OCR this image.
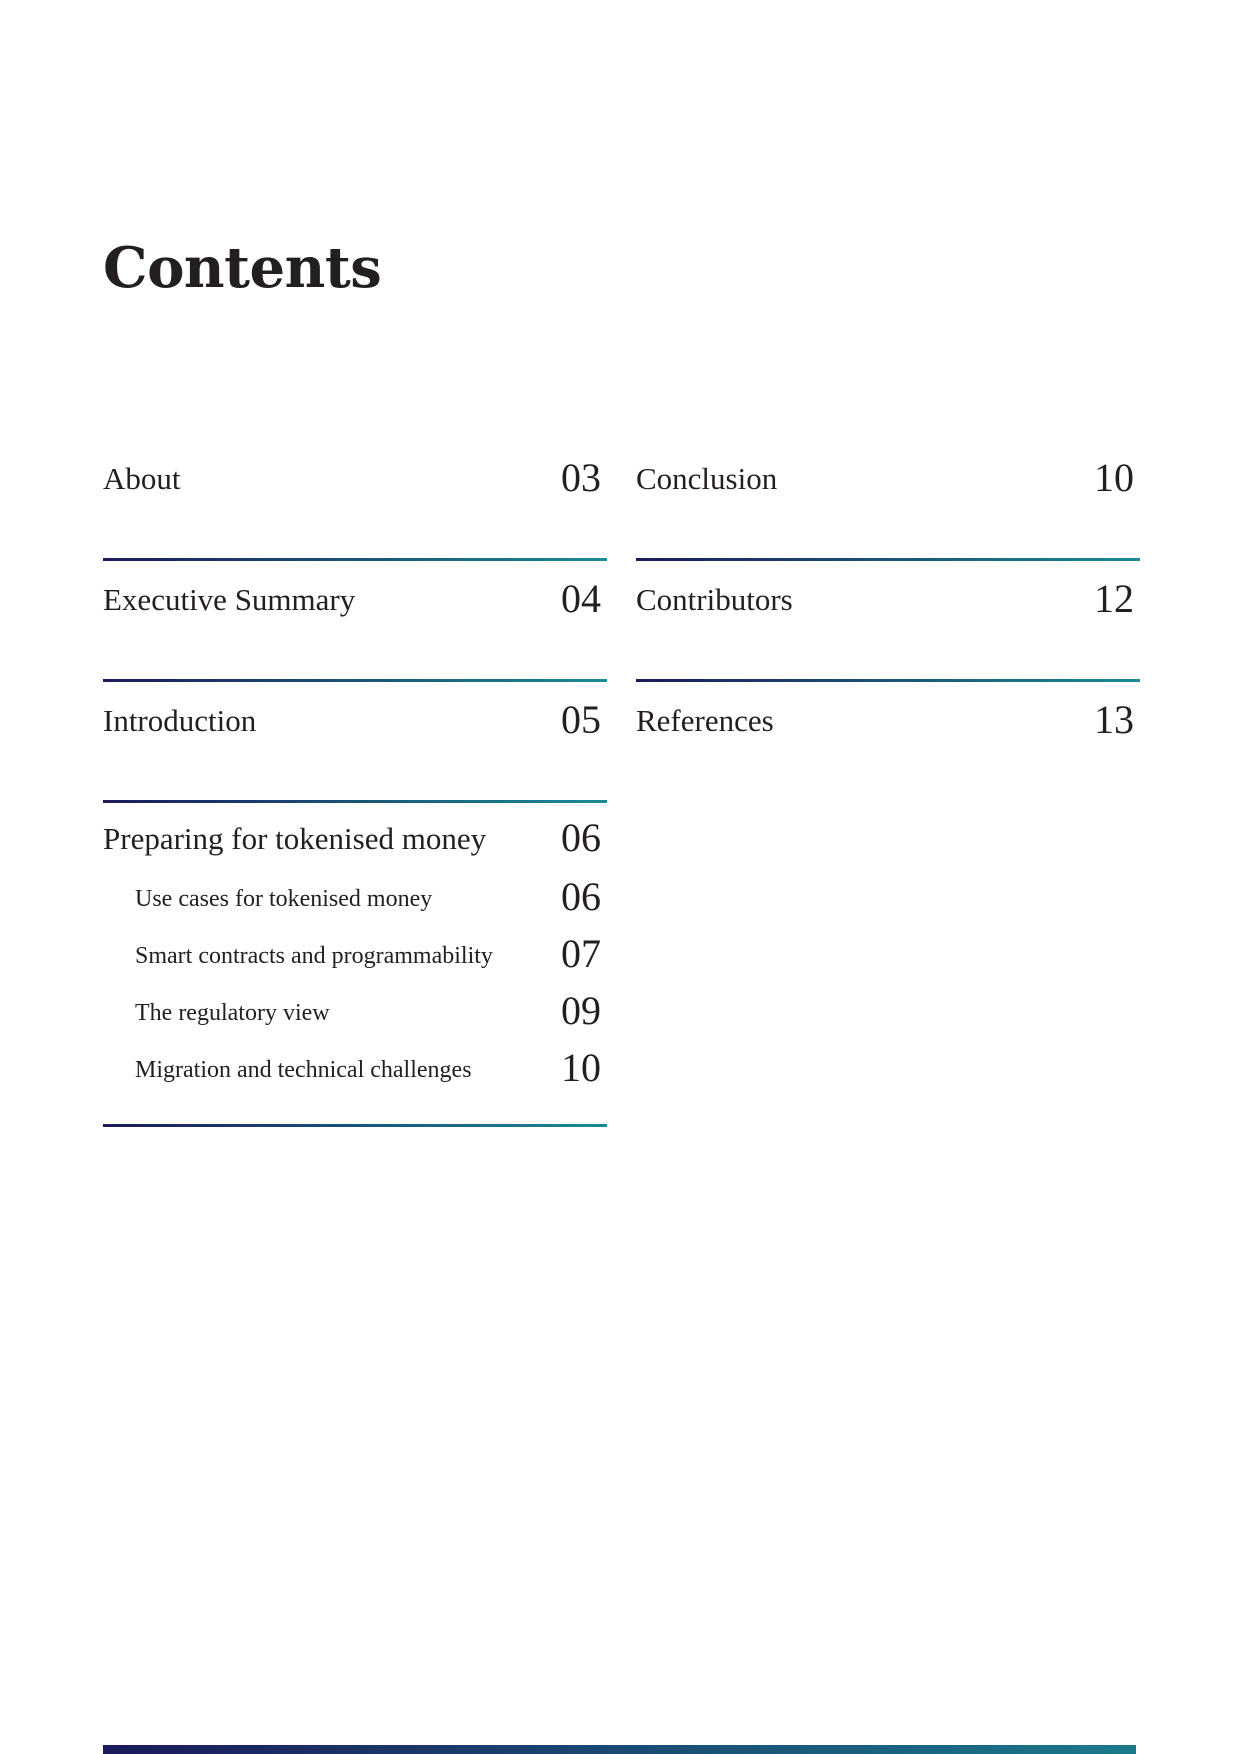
Contents
About	03
Executive Summary	04
Introduction	05
Preparing for tokenised money 06
Use cases for tokenised money	06
Smart contracts and programmability 07
The regulatory view	09
Migration and technical challenges 10
Conclusion	10
Contributors	12
References	13
